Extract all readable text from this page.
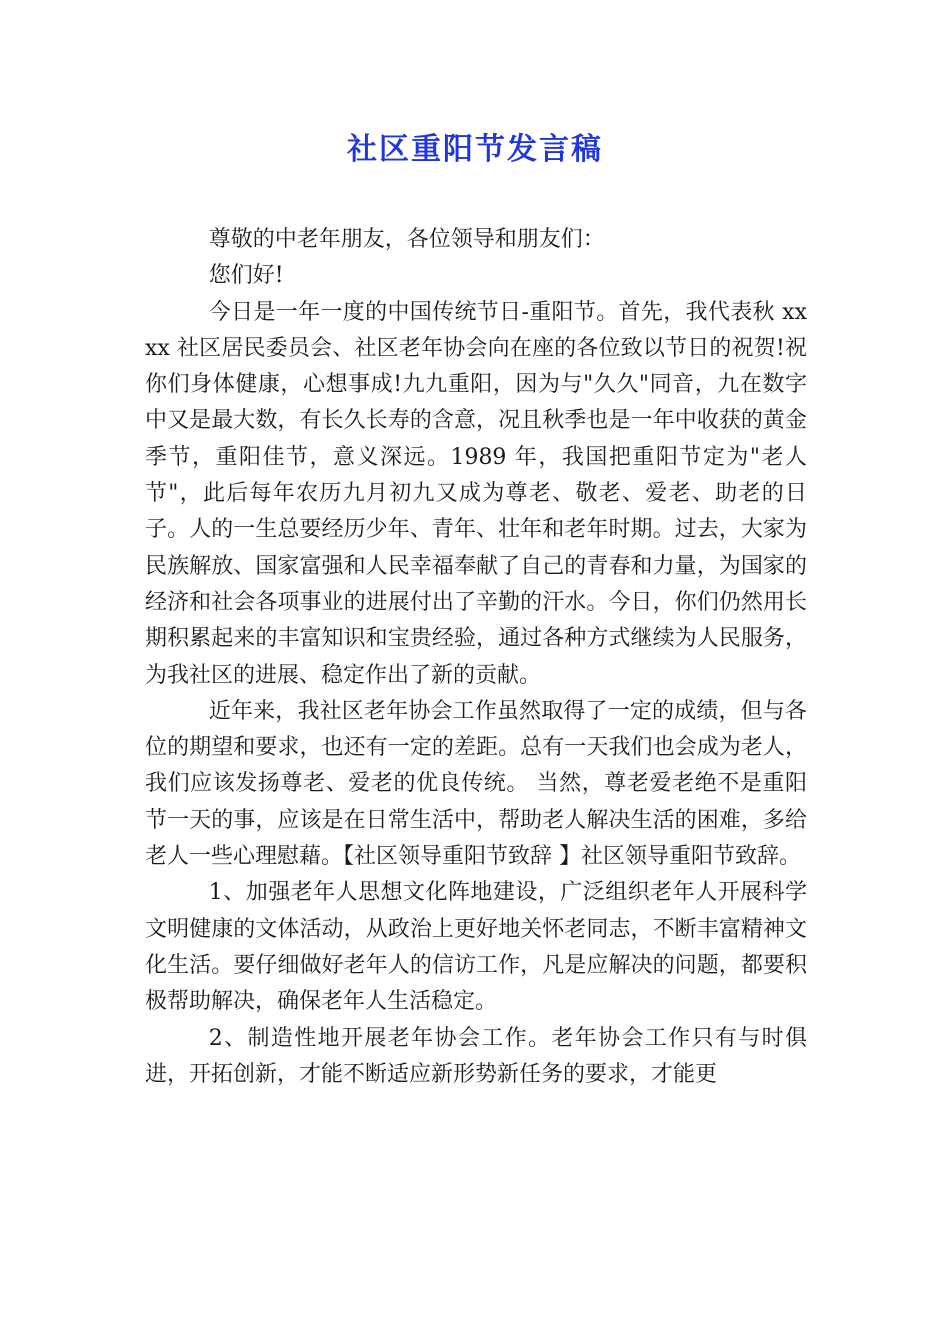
社区重阳节发言稿

尊敬的中老年朋友，各位领导和朋友们：

您们好!

今日是一年一度的中国传统节日-重阳节。首先，我代表秋 xxxx 社区居民委员会、社区老年协会向在座的各位致以节日的祝贺!祝你们身体健康，心想事成!九九重阳，因为与"久久"同音，九在数字中又是最大数，有长久长寿的含意，况且秋季也是一年中收获的黄金季节，重阳佳节，意义深远。1989 年，我国把重阳节定为"老人节"，此后每年农历九月初九又成为尊老、敬老、爱老、助老的日子。人的一生总要经历少年、青年、壮年和老年时期。过去，大家为民族解放、国家富强和人民幸福奉献了自己的青春和力量，为国家的经济和社会各项事业的进展付出了辛勤的汗水。今日，你们仍然用长期积累起来的丰富知识和宝贵经验，通过各种方式继续为人民服务，为我社区的进展、稳定作出了新的贡献。

近年来，我社区老年协会工作虽然取得了一定的成绩，但与各位的期望和要求，也还有一定的差距。总有一天我们也会成为老人，我们应该发扬尊老、爱老的优良传统。 当然，尊老爱老绝不是重阳节一天的事，应该是在日常生活中，帮助老人解决生活的困难，多给老人一些心理慰藉。【社区领导重阳节致辞 】社区领导重阳节致辞。

1、加强老年人思想文化阵地建设，广泛组织老年人开展科学文明健康的文体活动，从政治上更好地关怀老同志，不断丰富精神文化生活。要仔细做好老年人的信访工作，凡是应解决的问题，都要积极帮助解决，确保老年人生活稳定。

2、制造性地开展老年协会工作。老年协会工作只有与时俱进，开拓创新，才能不断适应新形势新任务的要求，才能更
